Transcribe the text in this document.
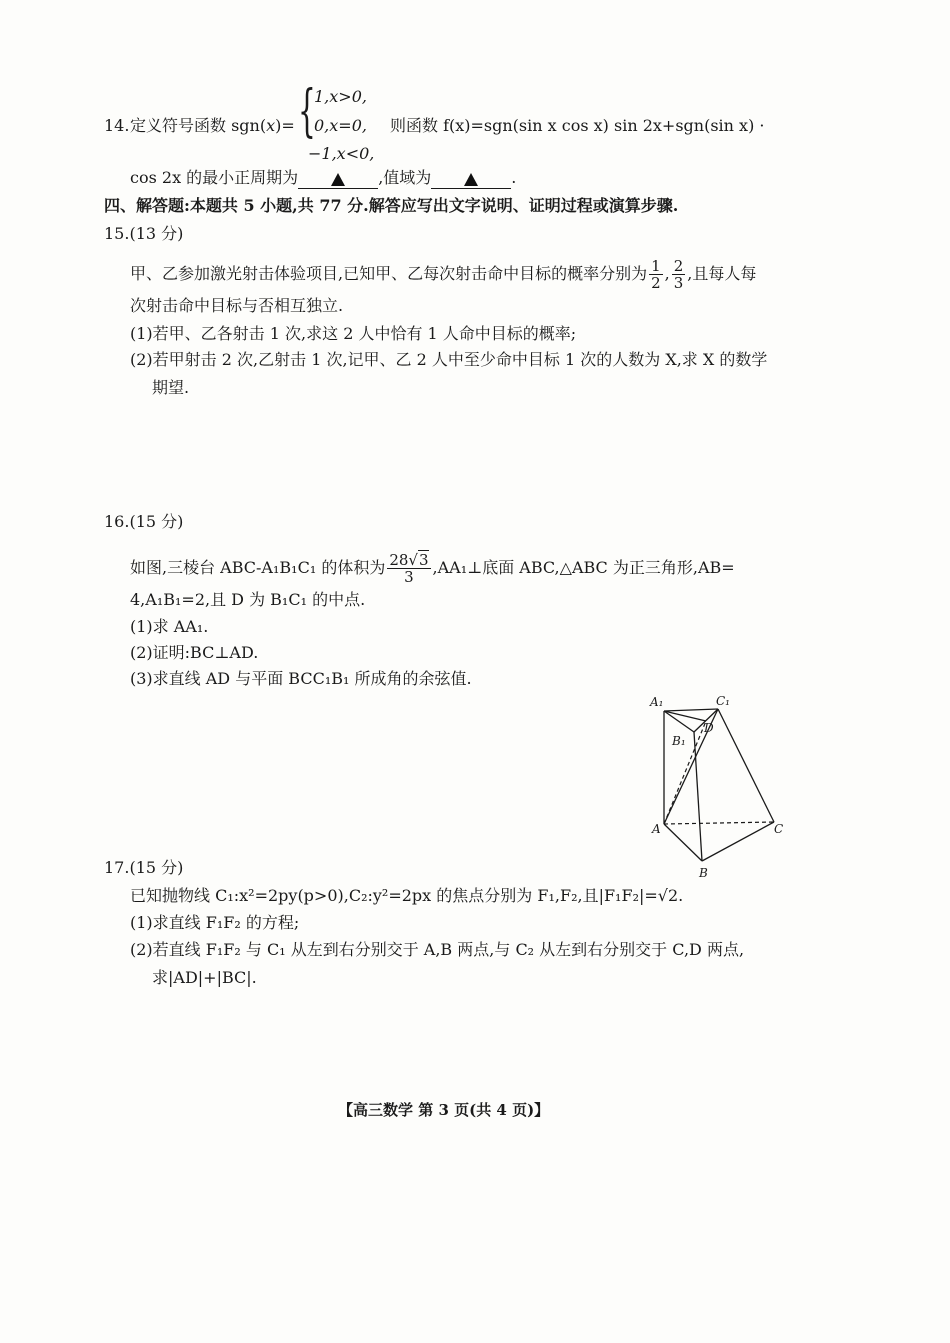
14. 定义符号函数 sgn(x)= {
1,x>0,
0,x=0,
−1,x<0,
则函数 f(x)=sgn(sin x cos x) sin 2x+sgn(sin x) ·
cos 2x 的最小正周期为	,值域为	.
四、解答题:本题共 5 小题,共 77 分.解答应写出文字说明、证明过程或演算步骤.
15.(13 分)
甲、乙参加激光射击体验项目,已知甲、乙每次射击命中目标的概率分别为 $\frac{1}{2}$ , $\frac{2}{3}$ ,且每人每
次射击命中目标与否相互独立.
(1)若甲、乙各射击 1 次,求这 2 人中恰有 1 人命中目标的概率;
(2)若甲射击 2 次,乙射击 1 次,记甲、乙 2 人中至少命中目标 1 次的人数为 X,求 X 的数学
期望.
16.(15 分)
如图,三棱台 ABC-A₁B₁C₁ 的体积为 $\frac{28√3}{3}$ ,AA₁⊥底面 ABC,△ABC 为正三角形,AB=
4,A₁B₁=2,且 D 为 B₁C₁ 的中点.
(1)求 AA₁.
(2)证明:BC⊥AD.
(3)求直线 AD 与平面 BCC₁B₁ 所成角的余弦值.
A₁	C₁
B₁
D
A	C
B
17.(15 分)
已知抛物线 C₁:x²=2py(p>0),C₂:y²=2px 的焦点分别为 F₁,F₂,且|F₁F₂|=√2.
(1)求直线 F₁F₂ 的方程;
(2)若直线 F₁F₂ 与 C₁ 从左到右分别交于 A,B 两点,与 C₂ 从左到右分别交于 C,D 两点,
求|AD|+|BC|.
【高三数学 第 3 页(共 4 页)】
